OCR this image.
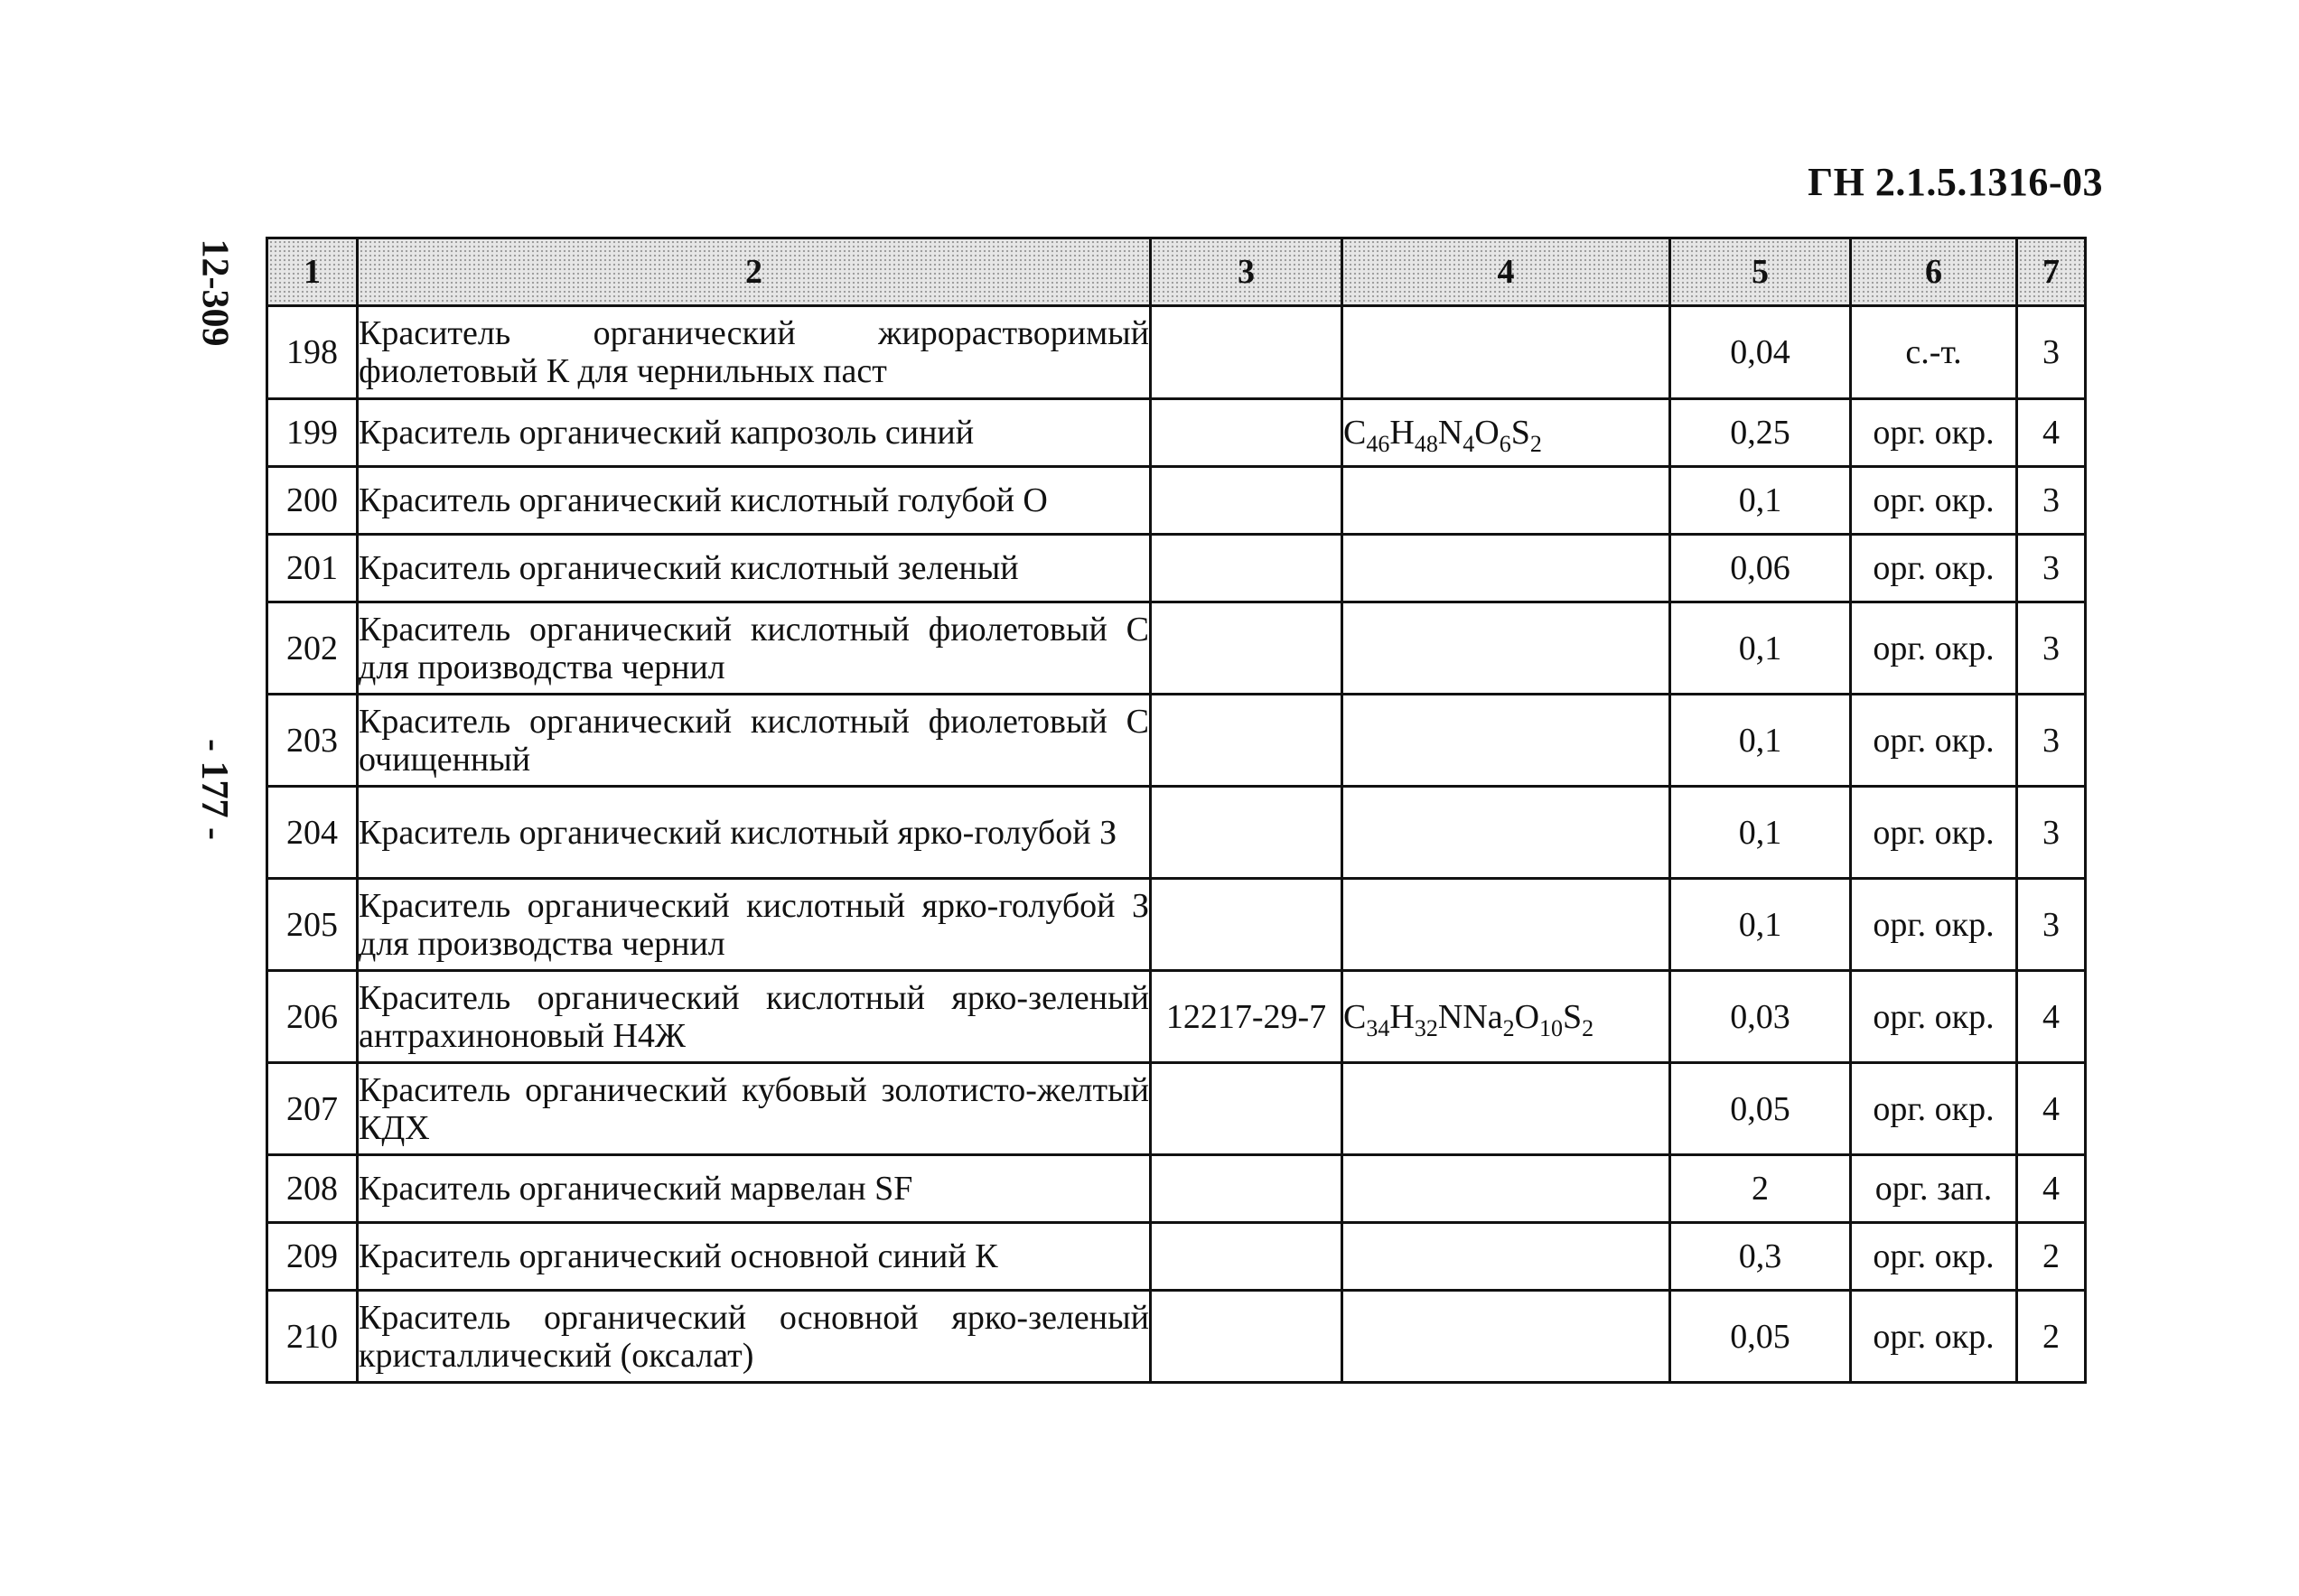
ГН 2.1.5.1316-03
12-309
- 177 -
1	2	3	4	5	6	7
198	Краситель органический жирорастворимый фиолетовый К для чернильных паст			0,04	с.-т.	3
199	Краситель органический капрозоль синий		$C_{46}H_{48}N_4O_6S_2$	0,25	орг. окр.	4
200	Краситель органический кислотный голубой О			0,1	орг. окр.	3
201	Краситель органический кислотный зеленый			0,06	орг. окр.	3
202	Краситель органический кислотный фиолетовый С для производства чернил			0,1	орг. окр.	3
203	Краситель органический кислотный фиолетовый С очищенный			0,1	орг. окр.	3
204	Краситель органический кислотный ярко-голубой З			0,1	орг. окр.	3
205	Краситель органический кислотный ярко-голубой З для производства чернил			0,1	орг. окр.	3
206	Краситель органический кислотный ярко-зеленый антрахиноновый Н4Ж	12217-29-7	$C_{34}H_{32}NNa_2O_{10}S_2$	0,03	орг. окр.	4
207	Краситель органический кубовый золотисто-желтый КДХ			0,05	орг. окр.	4
208	Краситель органический марвелан SF			2	орг. зап.	4
209	Краситель органический основной синий К			0,3	орг. окр.	2
210	Краситель органический основной ярко-зеленый кристаллический (оксалат)			0,05	орг. окр.	2
